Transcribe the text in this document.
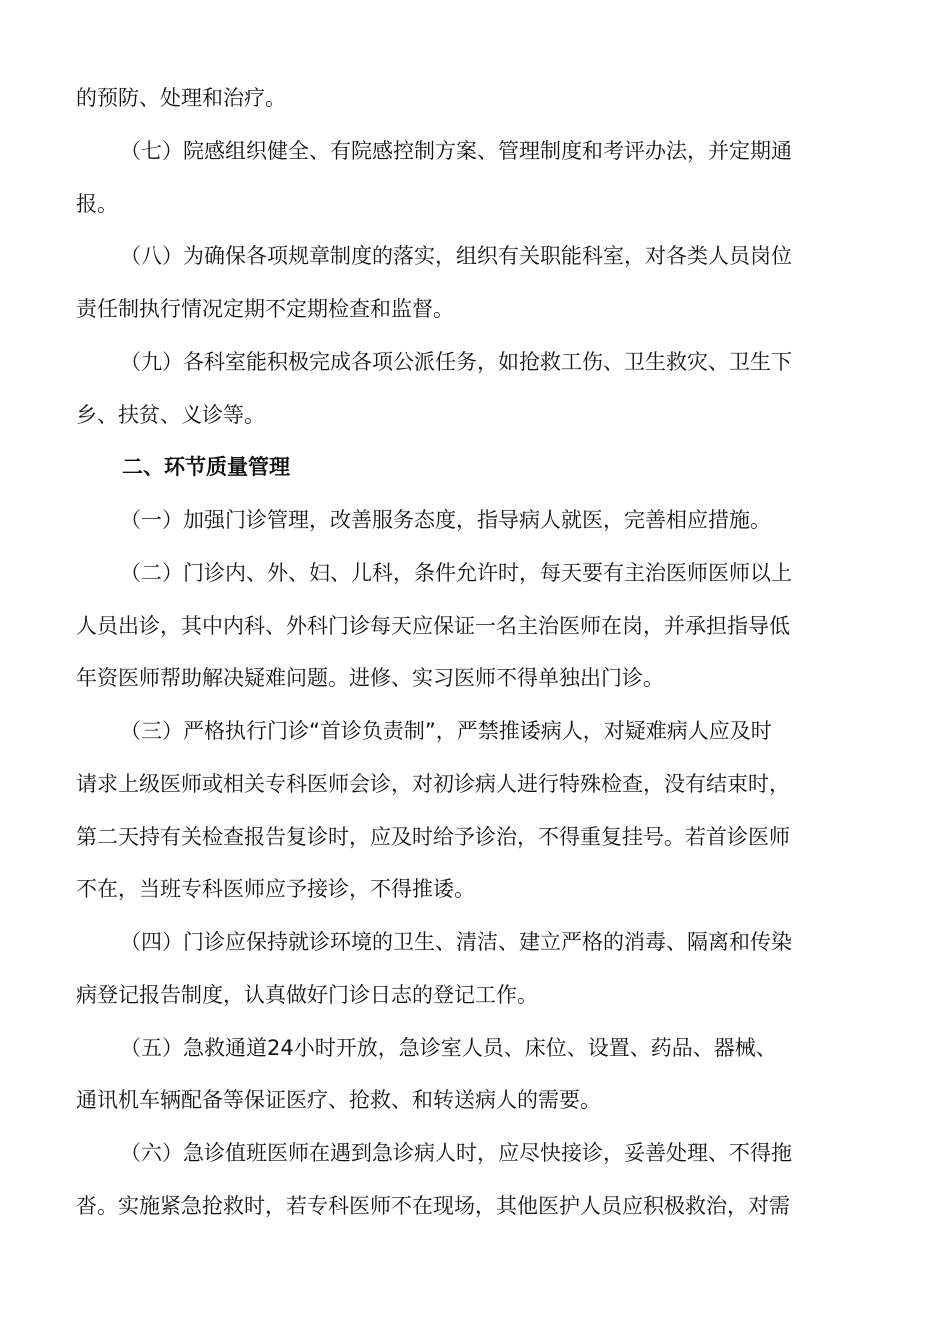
的预防、处理和治疗。
（七）院感组织健全、有院感控制方案、管理制度和考评办法，并定期通
报。
（八）为确保各项规章制度的落实，组织有关职能科室，对各类人员岗位
责任制执行情况定期不定期检查和监督。
（九）各科室能积极完成各项公派任务，如抢救工伤、卫生救灾、卫生下
乡、扶贫、义诊等。
二、环节质量管理
（一）加强门诊管理，改善服务态度，指导病人就医，完善相应措施。
（二）门诊内、外、妇、儿科，条件允许时，每天要有主治医师医师以上
人员出诊，其中内科、外科门诊每天应保证一名主治医师在岗，并承担指导低
年资医师帮助解决疑难问题。进修、实习医师不得单独出门诊。
（三）严格执行门诊“首诊负责制”，严禁推诿病人，对疑难病人应及时
请求上级医师或相关专科医师会诊，对初诊病人进行特殊检查，没有结束时，
第二天持有关检查报告复诊时，应及时给予诊治，不得重复挂号。若首诊医师
不在，当班专科医师应予接诊，不得推诿。
（四）门诊应保持就诊环境的卫生、清洁、建立严格的消毒、隔离和传染
病登记报告制度，认真做好门诊日志的登记工作。
（五）急救通道24小时开放，急诊室人员、床位、设置、药品、器械、
通讯机车辆配备等保证医疗、抢救、和转送病人的需要。
（六）急诊值班医师在遇到急诊病人时，应尽快接诊，妥善处理、不得拖
沓。实施紧急抢救时，若专科医师不在现场，其他医护人员应积极救治，对需
